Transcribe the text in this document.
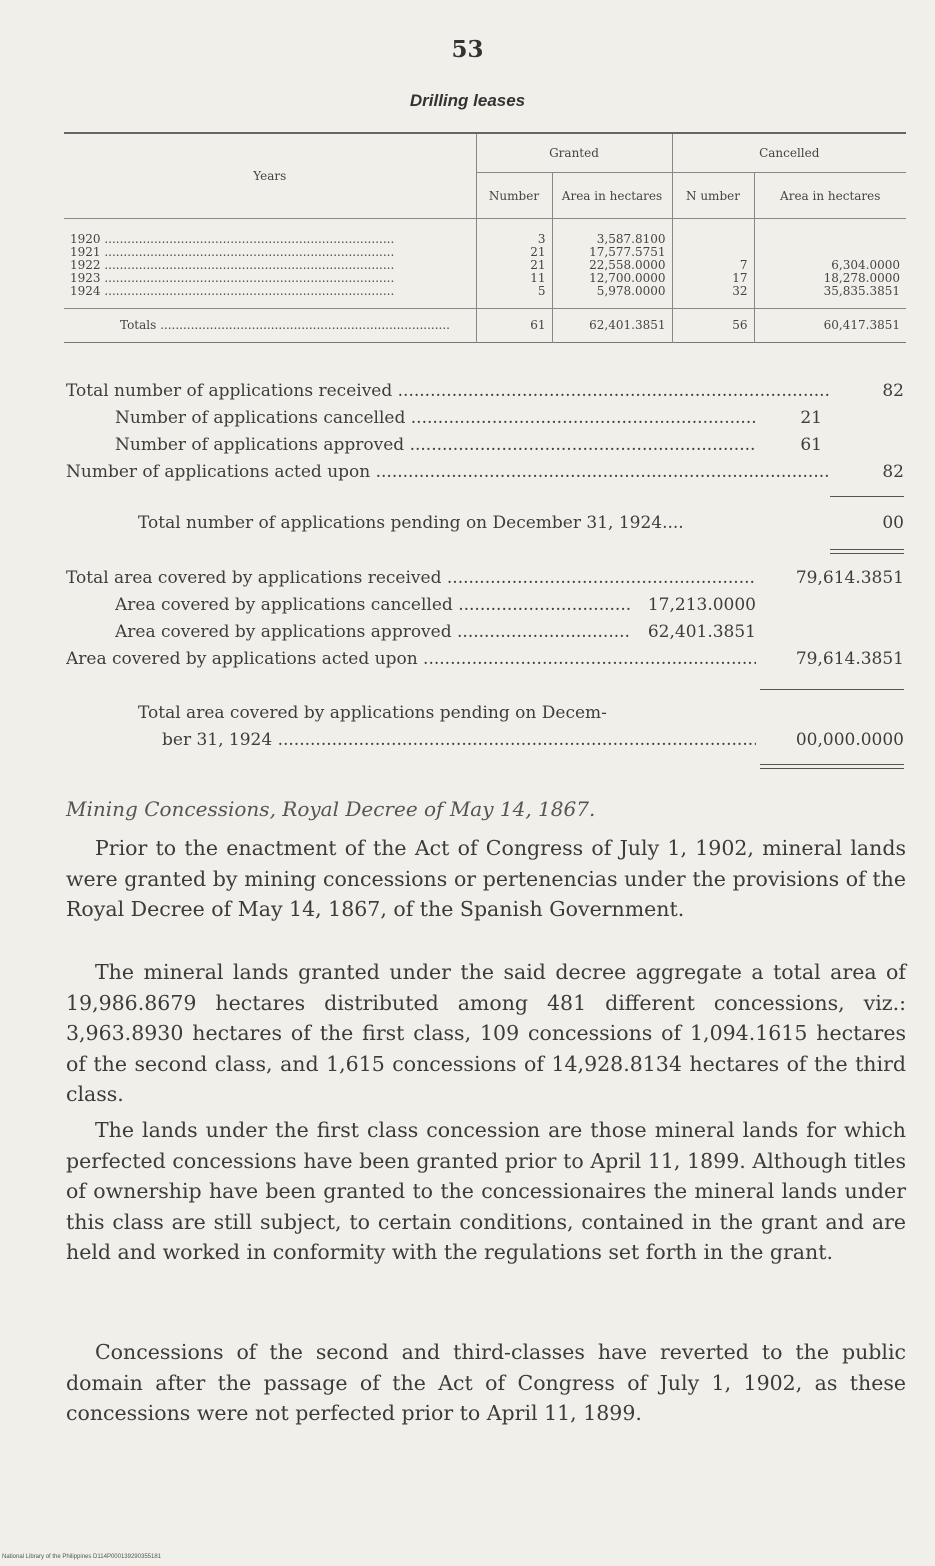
53
Drilling leases
Years	Granted		Cancelled	
	Number	Area in hectares	N umber	Area in hectares

1920 .....	3	3,587.8100		
1921 .....	21	17,577.5751		
1922 .....	21	22,558.0000	7	6,304.0000
1923 .....	11	12,700.0000	17	18,278.0000
1924 .....	5	5,978.0000	32	35,835.3851

Totals .....	61	62,401.3851	56	60,417.3851
Total number of applications received .....	82
Number of applications cancelled .....	21
Number of applications approved .....	61
Number of applications acted upon .....	82
Total number of applications pending on December 31, 1924....	00
Total area covered by applications received .....	79,614.3851
Area covered by applications cancelled .....	17,213.0000
Area covered by applications approved .....	62,401.3851
Area covered by applications acted upon .....	79,614.3851
Total area covered by applications pending on Decem-
ber 31, 1924 .....	00,000.0000
Mining Concessions, Royal Decree of May 14, 1867.

Prior to the enactment of the Act of Congress of July 1, 1902, mineral lands were granted by mining concessions or pertenencias under the provisions of the Royal Decree of May 14, 1867, of the Spanish Government.

The mineral lands granted under the said decree aggregate a total area of 19,986.8679 hectares distributed among 481 different concessions, viz.: 3,963.8930 hectares of the first class, 109 concessions of 1,094.1615 hectares of the second class, and 1,615 concessions of 14,928.8134 hectares of the third class.

The lands under the first class concession are those mineral lands for which perfected concessions have been granted prior to April 11, 1899. Although titles of ownership have been granted to the concessionaires the mineral lands under this class are still subject, to certain conditions, contained in the grant and are held and worked in conformity with the regulations set forth in the grant.

Concessions of the second and third-classes have reverted to the public domain after the passage of the Act of Congress of July 1, 1902, as these concessions were not perfected prior to April 11, 1899.

National Library of the Philippines D114P000139290355181
